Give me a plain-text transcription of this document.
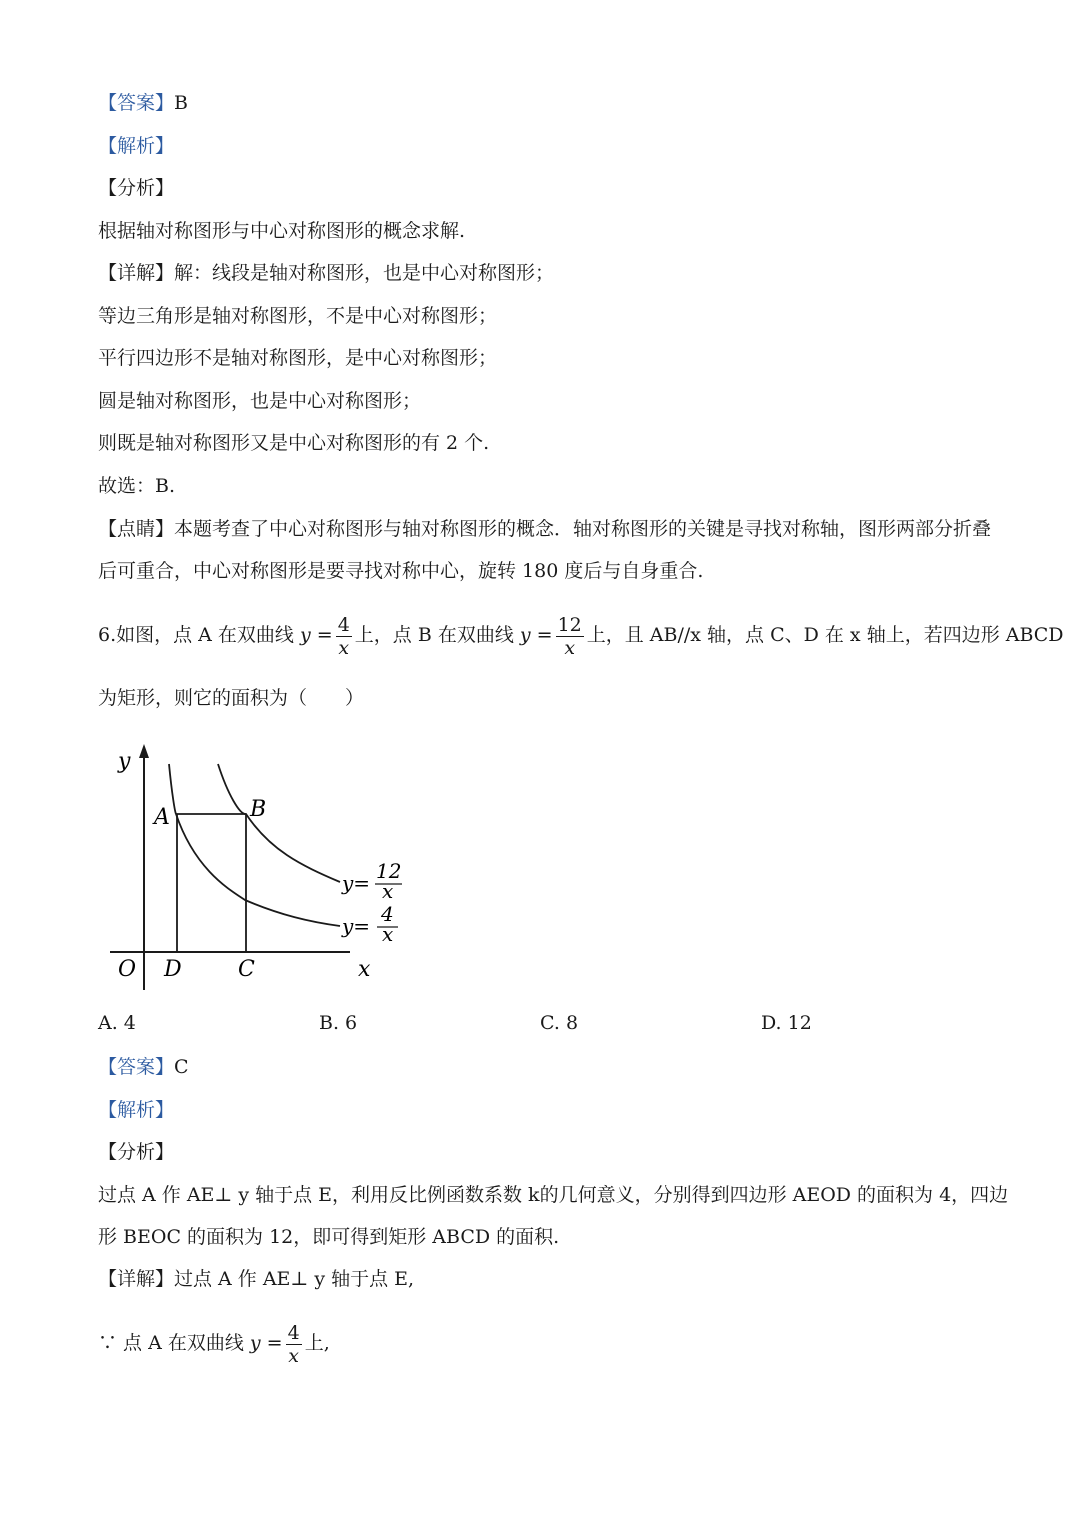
【答案】B
【解析】
【分析】
根据轴对称图形与中心对称图形的概念求解.
【详解】解：线段是轴对称图形，也是中心对称图形；
等边三角形是轴对称图形，不是中心对称图形；
平行四边形不是轴对称图形，是中心对称图形；
圆是轴对称图形，也是中心对称图形；
则既是轴对称图形又是中心对称图形的有 2 个.
故选：B.
【点睛】本题考查了中心对称图形与轴对称图形的概念．轴对称图形的关键是寻找对称轴，图形两部分折叠
后可重合，中心对称图形是要寻找对称中心，旋转 180 度后与自身重合.
6.如图，点 A 在双曲线 $y = \frac{4}{x}$ 上，点 B 在双曲线 $y = \frac{12}{x}$ 上，且 AB//x 轴，点 C、D 在 x 轴上，若四边形 ABCD
为矩形，则它的面积为（　　）
y
A	B
O D	C	x
y= 12
x
y= 4
x
A. 4	B. 6	C. 8	D. 12
【答案】C
【解析】
【分析】
过点 A 作 AE⊥ y 轴于点 E，利用反比例函数系数 k的几何意义，分别得到四边形 AEOD 的面积为 4，四边
形 BEOC 的面积为 12，即可得到矩形 ABCD 的面积.
【详解】过点 A 作 AE⊥ y 轴于点 E,
∵ 点 A 在双曲线 $y = \frac{4}{x}$ 上,
